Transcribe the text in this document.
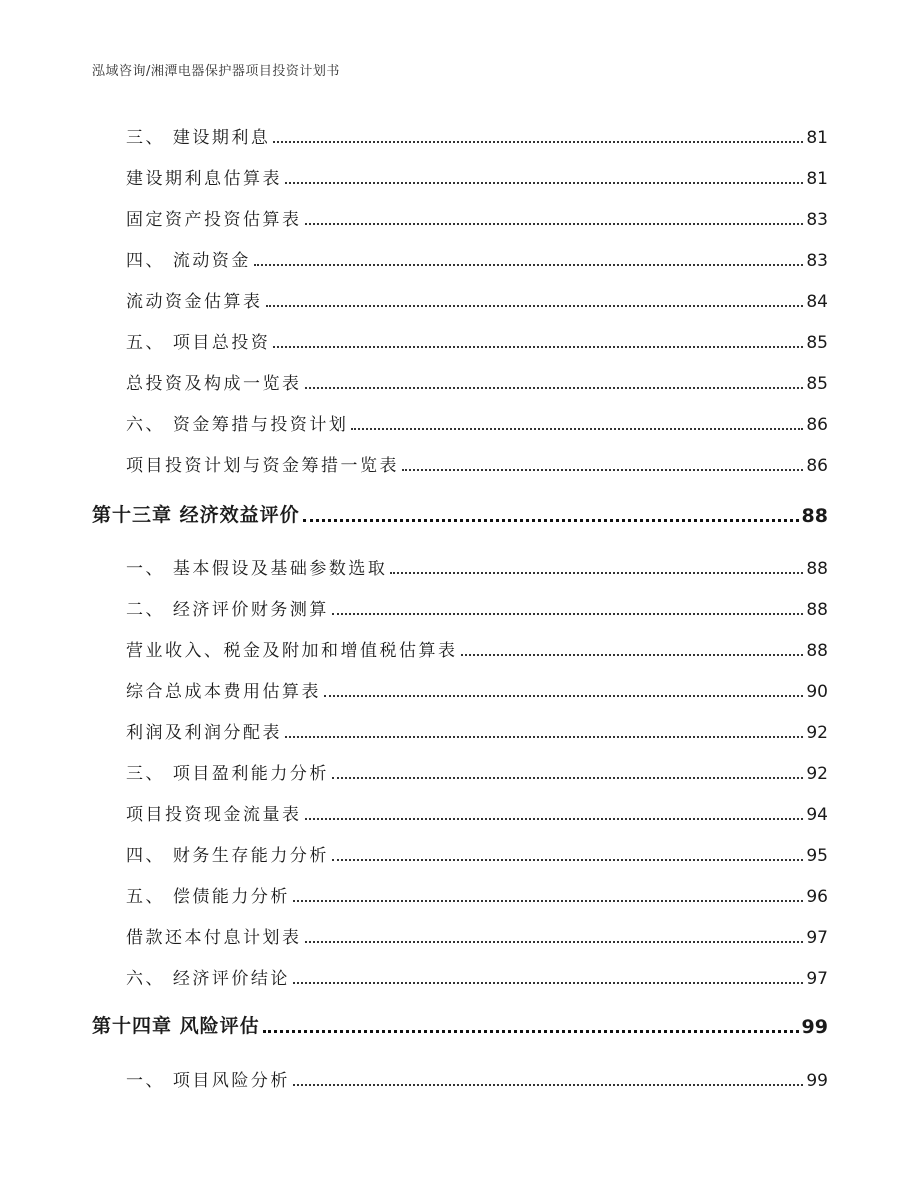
泓域咨询/湘潭电器保护器项目投资计划书
三、 建设期利息	81
建设期利息估算表	81
固定资产投资估算表	83
四、 流动资金	83
流动资金估算表	84
五、 项目总投资	85
总投资及构成一览表	85
六、 资金筹措与投资计划	86
项目投资计划与资金筹措一览表	86
第十三章 经济效益评价	88
一、 基本假设及基础参数选取	88
二、 经济评价财务测算	88
营业收入、税金及附加和增值税估算表	88
综合总成本费用估算表	90
利润及利润分配表	92
三、 项目盈利能力分析	92
项目投资现金流量表	94
四、 财务生存能力分析	95
五、 偿债能力分析	96
借款还本付息计划表	97
六、 经济评价结论	97
第十四章 风险评估	99
一、 项目风险分析	99
